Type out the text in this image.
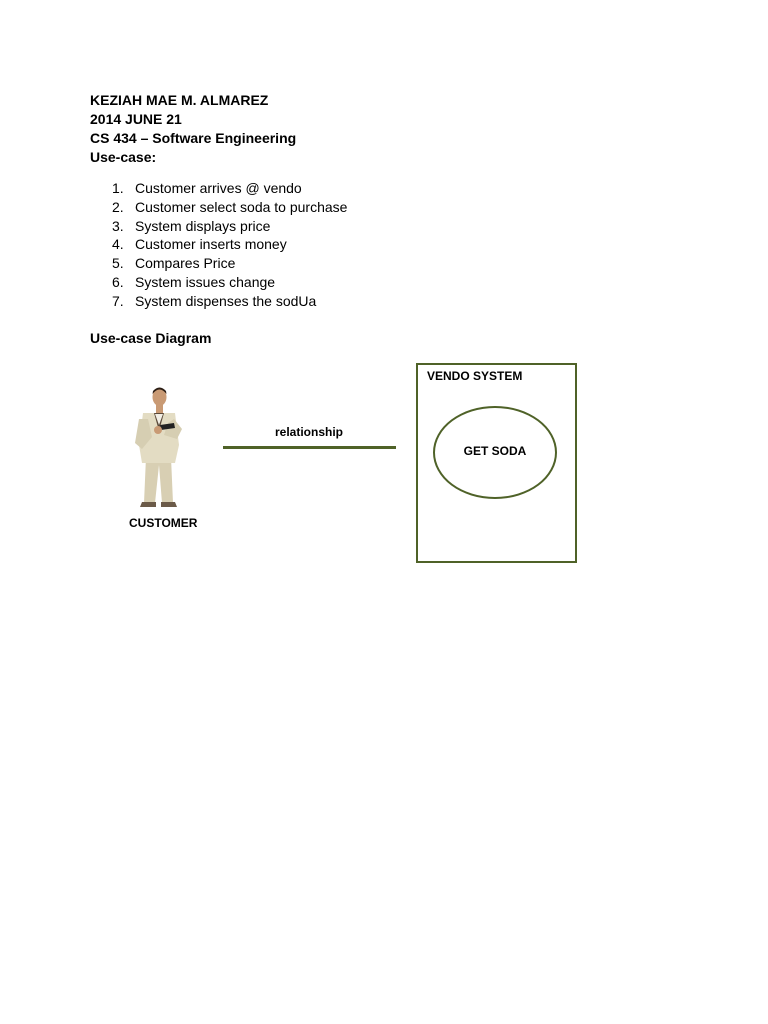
KEZIAH MAE M. ALMAREZ
2014 JUNE 21
CS 434 – Software Engineering
Use-case:
1. Customer arrives @ vendo
2. Customer select soda to purchase
3. System displays price
4. Customer inserts money
5. Compares Price
6. System issues change
7. System dispenses the sodUa
Use-case Diagram
CUSTOMER
relationship
VENDO SYSTEM
GET SODA
